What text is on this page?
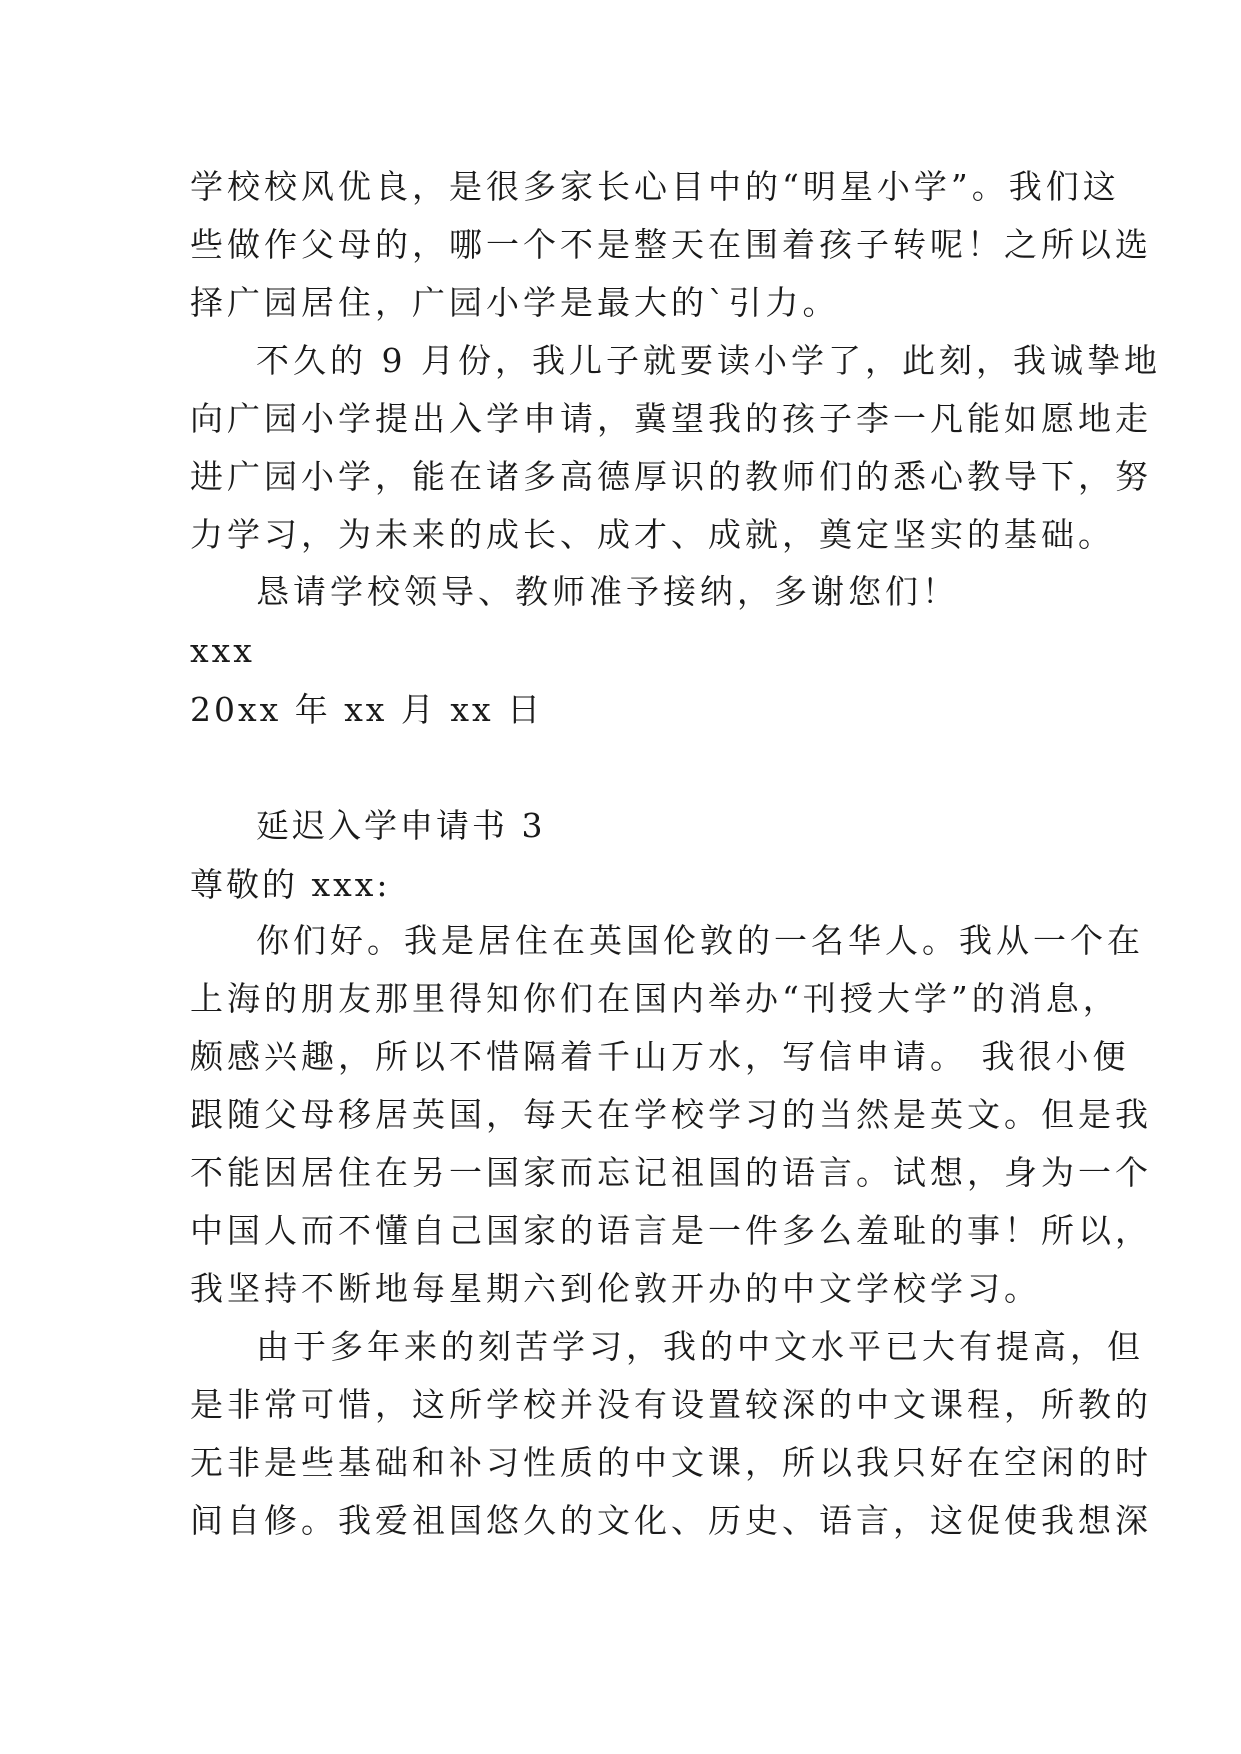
学校校风优良，是很多家长心目中的“明星小学”。我们这
些做作父母的，哪一个不是整天在围着孩子转呢！之所以选
择广园居住，广园小学是最大的`引力。
不久的 9 月份，我儿子就要读小学了，此刻，我诚挚地
向广园小学提出入学申请，冀望我的孩子李一凡能如愿地走
进广园小学，能在诸多高德厚识的教师们的悉心教导下，努
力学习，为未来的成长、成才、成就，奠定坚实的基础。
恳请学校领导、教师准予接纳，多谢您们！
xxx
20xx 年 xx 月 xx 日
延迟入学申请书 3
尊敬的 xxx:
你们好。我是居住在英国伦敦的一名华人。我从一个在
上海的朋友那里得知你们在国内举办“刊授大学”的消息，
颇感兴趣，所以不惜隔着千山万水，写信申请。 我很小便
跟随父母移居英国，每天在学校学习的当然是英文。但是我
不能因居住在另一国家而忘记祖国的语言。试想，身为一个
中国人而不懂自己国家的语言是一件多么羞耻的事！所以，
我坚持不断地每星期六到伦敦开办的中文学校学习。
由于多年来的刻苦学习，我的中文水平已大有提高，但
是非常可惜，这所学校并没有设置较深的中文课程，所教的
无非是些基础和补习性质的中文课，所以我只好在空闲的时
间自修。我爱祖国悠久的文化、历史、语言，这促使我想深
